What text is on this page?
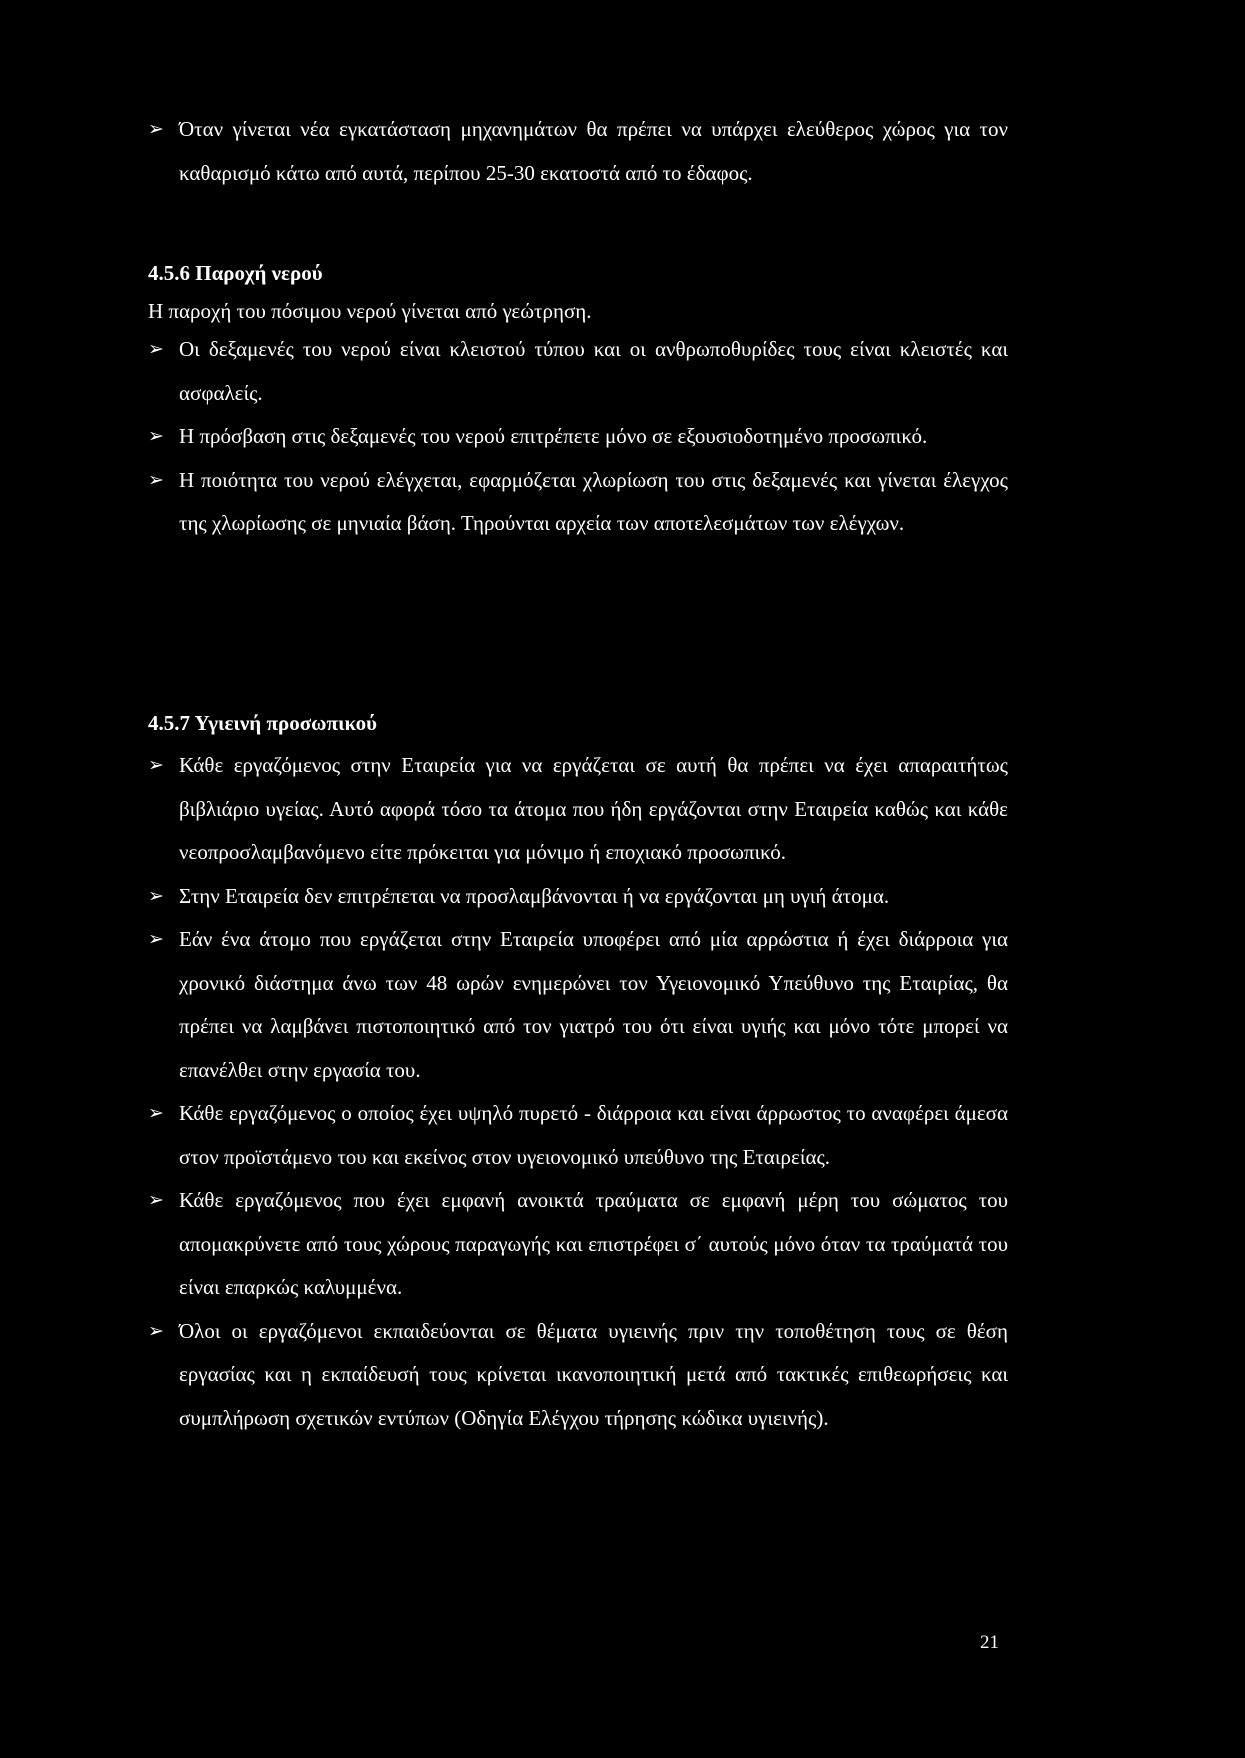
➢ Όταν γίνεται νέα εγκατάσταση μηχανημάτων θα πρέπει να υπάρχει ελεύθερος χώρος για τον καθαρισμό κάτω από αυτά, περίπου 25-30 εκατοστά από το έδαφος.
4.5.6 Παροχή νερού
Η παροχή του πόσιμου νερού γίνεται από γεώτρηση.
➢ Οι δεξαμενές του νερού είναι κλειστού τύπου και οι ανθρωποθυρίδες τους είναι κλειστές και ασφαλείς.
➢ Η πρόσβαση στις δεξαμενές του νερού επιτρέπετε μόνο σε εξουσιοδοτημένο προσωπικό.
➢ Η ποιότητα του νερού ελέγχεται, εφαρμόζεται χλωρίωση του στις δεξαμενές και γίνεται έλεγχος της χλωρίωσης σε μηνιαία βάση. Τηρούνται αρχεία των αποτελεσμάτων των ελέγχων.
4.5.7 Υγιεινή προσωπικού
➢ Κάθε εργαζόμενος στην Εταιρεία για να εργάζεται σε αυτή θα πρέπει να έχει απαραιτήτως βιβλιάριο υγείας. Αυτό αφορά τόσο τα άτομα που ήδη εργάζονται στην Εταιρεία καθώς και κάθε νεοπροσλαμβανόμενο είτε πρόκειται για μόνιμο ή εποχιακό προσωπικό.
➢ Στην Εταιρεία δεν επιτρέπεται να προσλαμβάνονται ή να εργάζονται μη υγιή άτομα.
➢ Εάν ένα άτομο που εργάζεται στην Εταιρεία υποφέρει από μία αρρώστια ή έχει διάρροια για χρονικό διάστημα άνω των 48 ωρών ενημερώνει τον Υγειονομικό Υπεύθυνο της Εταιρίας, θα πρέπει να λαμβάνει πιστοποιητικό από τον γιατρό του ότι είναι υγιής και μόνο τότε μπορεί να επανέλθει στην εργασία του.
➢ Κάθε εργαζόμενος ο οποίος έχει υψηλό πυρετό - διάρροια και είναι άρρωστος το αναφέρει άμεσα στον προϊστάμενο του και εκείνος στον υγειονομικό υπεύθυνο της Εταιρείας.
➢ Κάθε εργαζόμενος που έχει εμφανή ανοικτά τραύματα σε εμφανή μέρη του σώματος του απομακρύνετε από τους χώρους παραγωγής και επιστρέφει σ΄ αυτούς μόνο όταν τα τραύματά του είναι επαρκώς καλυμμένα.
➢ Όλοι οι εργαζόμενοι εκπαιδεύονται σε θέματα υγιεινής πριν την τοποθέτηση τους σε θέση εργασίας και η εκπαίδευσή τους κρίνεται ικανοποιητική μετά από τακτικές επιθεωρήσεις και συμπλήρωση σχετικών εντύπων (Οδηγία Ελέγχου τήρησης κώδικα υγιεινής).
21
